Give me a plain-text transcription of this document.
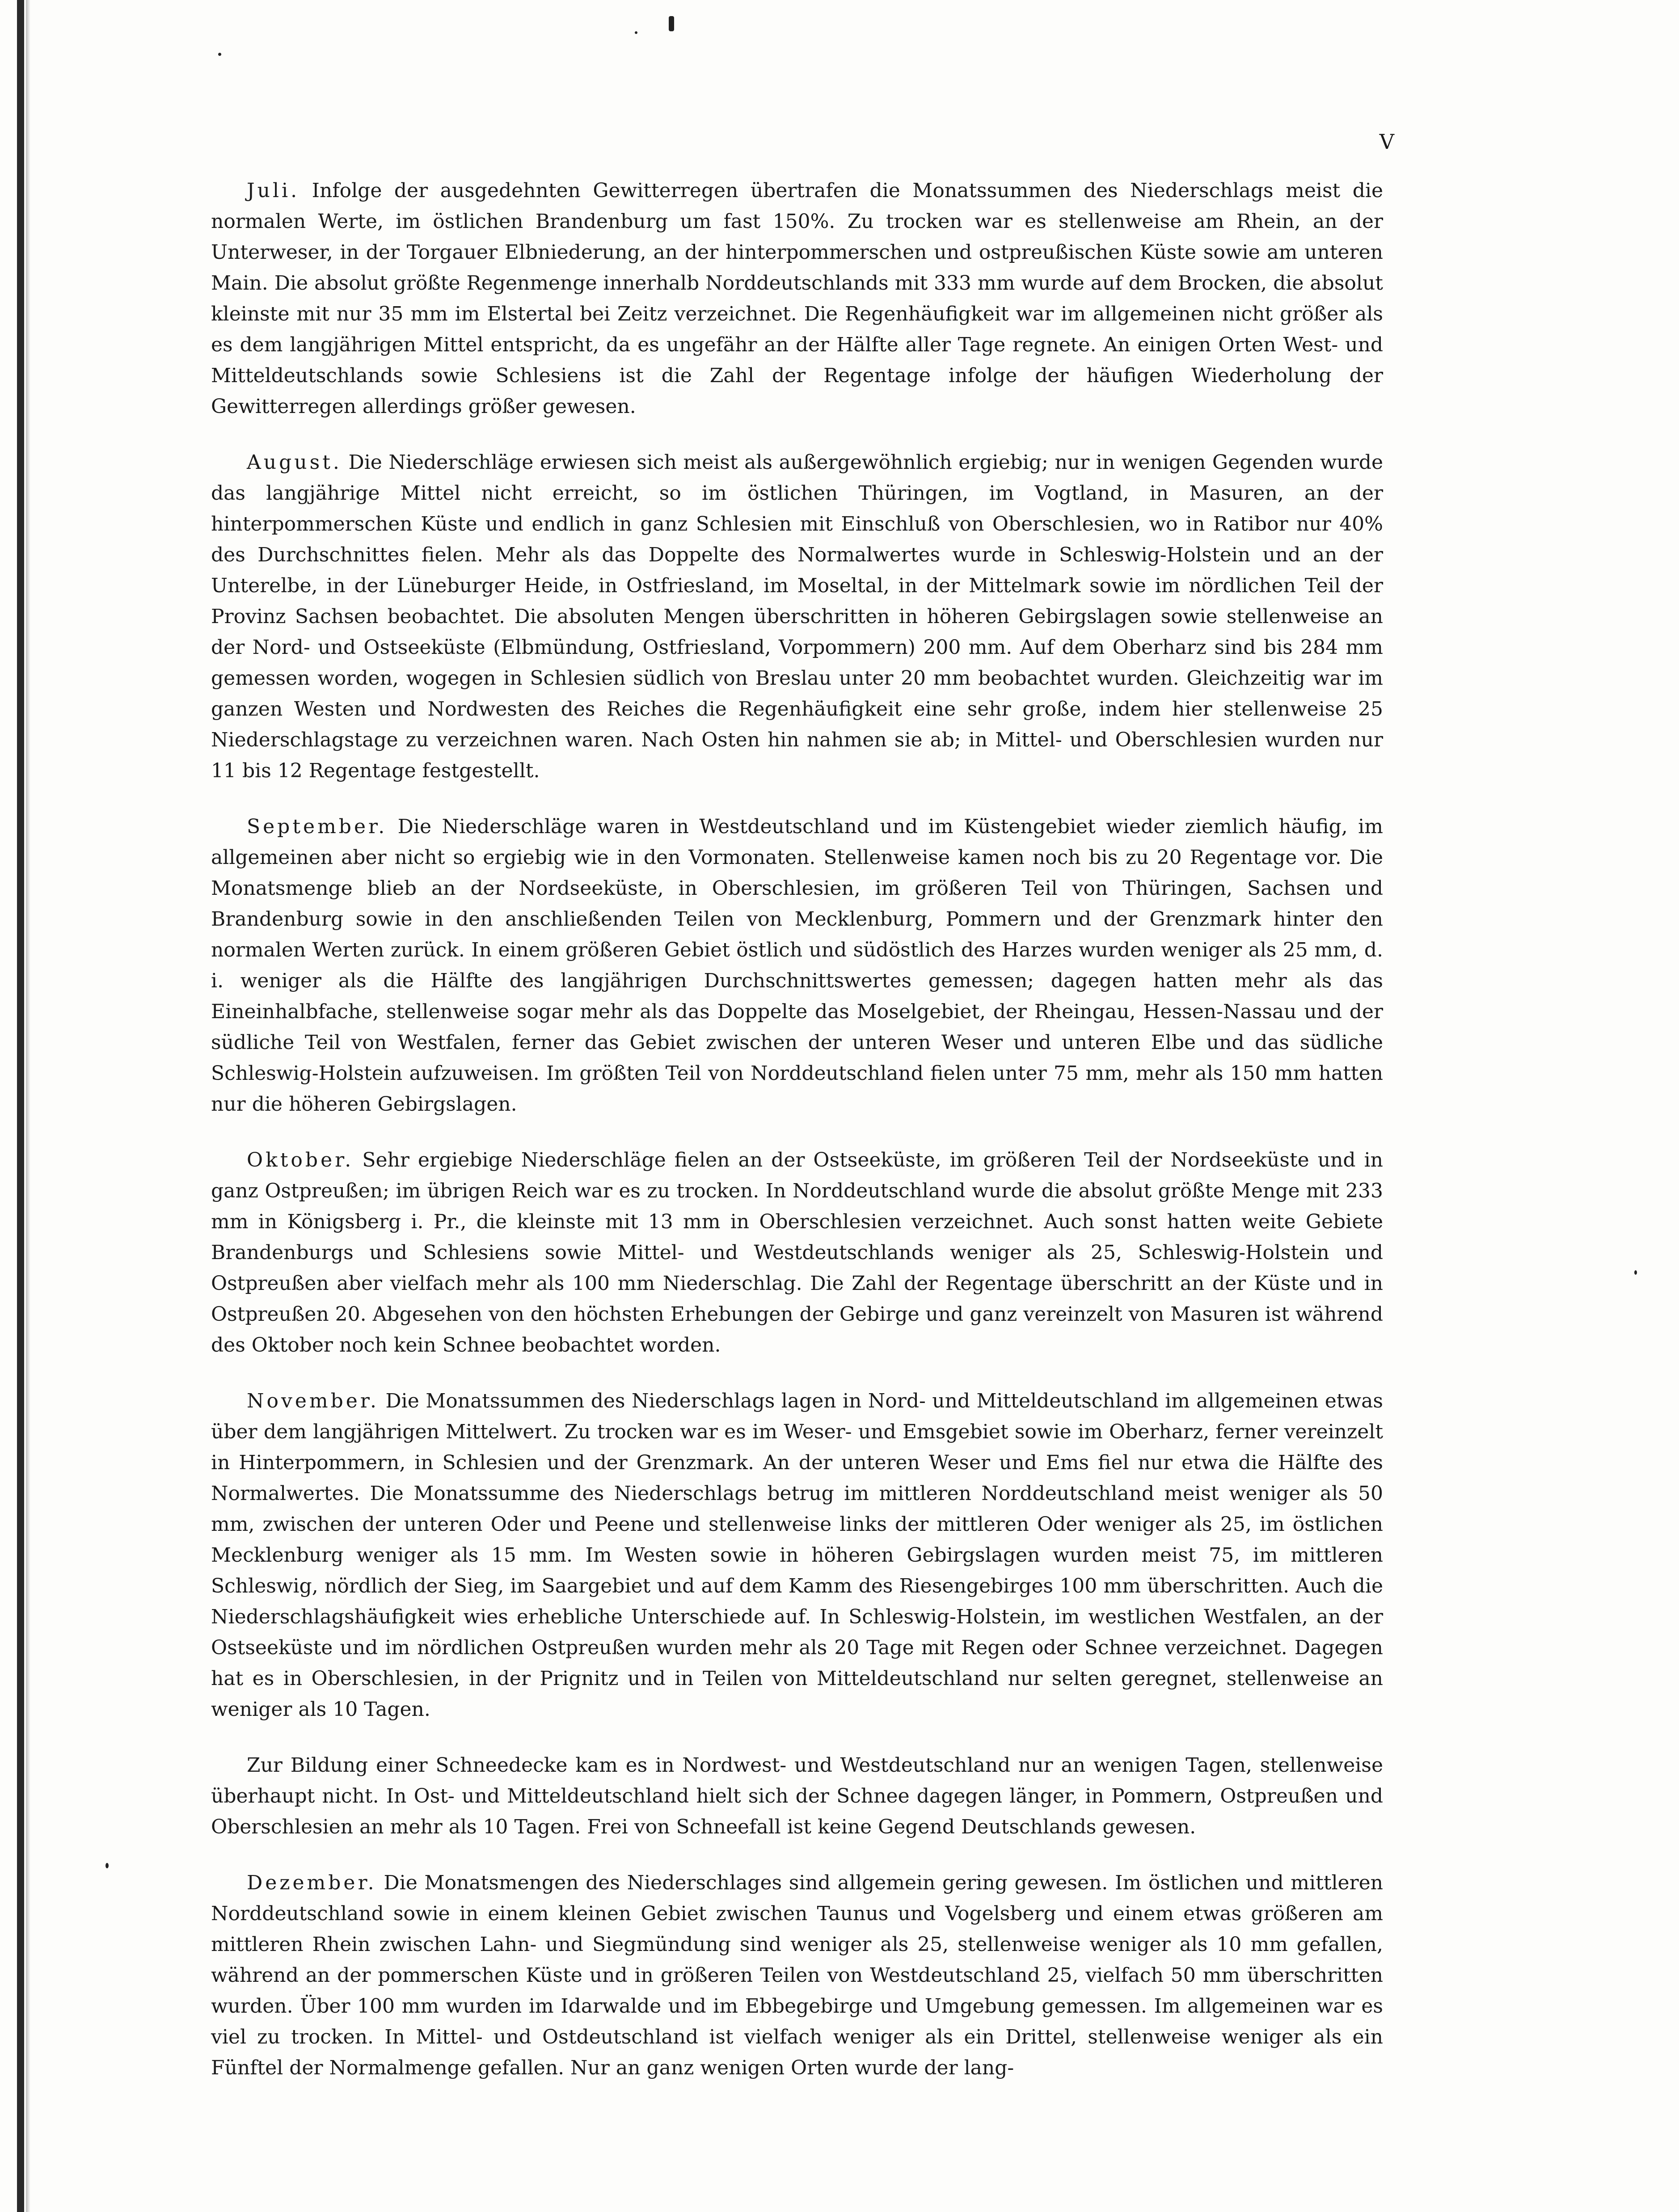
V

Juli. Infolge der ausgedehnten Gewitterregen übertrafen die Monatssummen des Niederschlags meist die normalen Werte, im östlichen Brandenburg um fast 150%. Zu trocken war es stellenweise am Rhein, an der Unterweser, in der Torgauer Elbniederung, an der hinterpommerschen und ostpreußischen Küste sowie am unteren Main. Die absolut größte Regenmenge innerhalb Norddeutschlands mit 333 mm wurde auf dem Brocken, die absolut kleinste mit nur 35 mm im Elstertal bei Zeitz verzeichnet. Die Regenhäufigkeit war im allgemeinen nicht größer als es dem langjährigen Mittel entspricht, da es ungefähr an der Hälfte aller Tage regnete. An einigen Orten West- und Mitteldeutschlands sowie Schlesiens ist die Zahl der Regentage infolge der häufigen Wiederholung der Gewitterregen allerdings größer gewesen.

August. Die Niederschläge erwiesen sich meist als außergewöhnlich ergiebig; nur in wenigen Gegenden wurde das langjährige Mittel nicht erreicht, so im östlichen Thüringen, im Vogtland, in Masuren, an der hinterpommerschen Küste und endlich in ganz Schlesien mit Einschluß von Oberschlesien, wo in Ratibor nur 40% des Durchschnittes fielen. Mehr als das Doppelte des Normalwertes wurde in Schleswig-Holstein und an der Unterelbe, in der Lüneburger Heide, in Ostfriesland, im Moseltal, in der Mittelmark sowie im nördlichen Teil der Provinz Sachsen beobachtet. Die absoluten Mengen überschritten in höheren Gebirgslagen sowie stellenweise an der Nord- und Ostseeküste (Elbmündung, Ostfriesland, Vorpommern) 200 mm. Auf dem Oberharz sind bis 284 mm gemessen worden, wogegen in Schlesien südlich von Breslau unter 20 mm beobachtet wurden. Gleichzeitig war im ganzen Westen und Nordwesten des Reiches die Regenhäufigkeit eine sehr große, indem hier stellenweise 25 Niederschlagstage zu verzeichnen waren. Nach Osten hin nahmen sie ab; in Mittel- und Oberschlesien wurden nur 11 bis 12 Regentage festgestellt.

September. Die Niederschläge waren in Westdeutschland und im Küstengebiet wieder ziemlich häufig, im allgemeinen aber nicht so ergiebig wie in den Vormonaten. Stellenweise kamen noch bis zu 20 Regentage vor. Die Monatsmenge blieb an der Nordseeküste, in Oberschlesien, im größeren Teil von Thüringen, Sachsen und Brandenburg sowie in den anschließenden Teilen von Mecklenburg, Pommern und der Grenzmark hinter den normalen Werten zurück. In einem größeren Gebiet östlich und südöstlich des Harzes wurden weniger als 25 mm, d. i. weniger als die Hälfte des langjährigen Durchschnittswertes gemessen; dagegen hatten mehr als das Eineinhalbfache, stellenweise sogar mehr als das Doppelte das Moselgebiet, der Rheingau, Hessen-Nassau und der südliche Teil von Westfalen, ferner das Gebiet zwischen der unteren Weser und unteren Elbe und das südliche Schleswig-Holstein aufzuweisen. Im größten Teil von Norddeutschland fielen unter 75 mm, mehr als 150 mm hatten nur die höheren Gebirgslagen.

Oktober. Sehr ergiebige Niederschläge fielen an der Ostseeküste, im größeren Teil der Nordseeküste und in ganz Ostpreußen; im übrigen Reich war es zu trocken. In Norddeutschland wurde die absolut größte Menge mit 233 mm in Königsberg i. Pr., die kleinste mit 13 mm in Oberschlesien verzeichnet. Auch sonst hatten weite Gebiete Brandenburgs und Schlesiens sowie Mittel- und Westdeutschlands weniger als 25, Schleswig-Holstein und Ostpreußen aber vielfach mehr als 100 mm Niederschlag. Die Zahl der Regentage überschritt an der Küste und in Ostpreußen 20. Abgesehen von den höchsten Erhebungen der Gebirge und ganz vereinzelt von Masuren ist während des Oktober noch kein Schnee beobachtet worden.

November. Die Monatssummen des Niederschlags lagen in Nord- und Mitteldeutschland im allgemeinen etwas über dem langjährigen Mittelwert. Zu trocken war es im Weser- und Emsgebiet sowie im Oberharz, ferner vereinzelt in Hinterpommern, in Schlesien und der Grenzmark. An der unteren Weser und Ems fiel nur etwa die Hälfte des Normalwertes. Die Monatssumme des Niederschlags betrug im mittleren Norddeutschland meist weniger als 50 mm, zwischen der unteren Oder und Peene und stellenweise links der mittleren Oder weniger als 25, im östlichen Mecklenburg weniger als 15 mm. Im Westen sowie in höheren Gebirgslagen wurden meist 75, im mittleren Schleswig, nördlich der Sieg, im Saargebiet und auf dem Kamm des Riesengebirges 100 mm überschritten. Auch die Niederschlagshäufigkeit wies erhebliche Unterschiede auf. In Schleswig-Holstein, im westlichen Westfalen, an der Ostseeküste und im nördlichen Ostpreußen wurden mehr als 20 Tage mit Regen oder Schnee verzeichnet. Dagegen hat es in Oberschlesien, in der Prignitz und in Teilen von Mitteldeutschland nur selten geregnet, stellenweise an weniger als 10 Tagen.

Zur Bildung einer Schneedecke kam es in Nordwest- und Westdeutschland nur an wenigen Tagen, stellenweise überhaupt nicht. In Ost- und Mitteldeutschland hielt sich der Schnee dagegen länger, in Pommern, Ostpreußen und Oberschlesien an mehr als 10 Tagen. Frei von Schneefall ist keine Gegend Deutschlands gewesen.

Dezember. Die Monatsmengen des Niederschlages sind allgemein gering gewesen. Im östlichen und mittleren Norddeutschland sowie in einem kleinen Gebiet zwischen Taunus und Vogelsberg und einem etwas größeren am mittleren Rhein zwischen Lahn- und Siegmündung sind weniger als 25, stellenweise weniger als 10 mm gefallen, während an der pommerschen Küste und in größeren Teilen von Westdeutschland 25, vielfach 50 mm überschritten wurden. Über 100 mm wurden im Idarwalde und im Ebbegebirge und Umgebung gemessen. Im allgemeinen war es viel zu trocken. In Mittel- und Ostdeutschland ist vielfach weniger als ein Drittel, stellenweise weniger als ein Fünftel der Normalmenge gefallen. Nur an ganz wenigen Orten wurde der lang-
